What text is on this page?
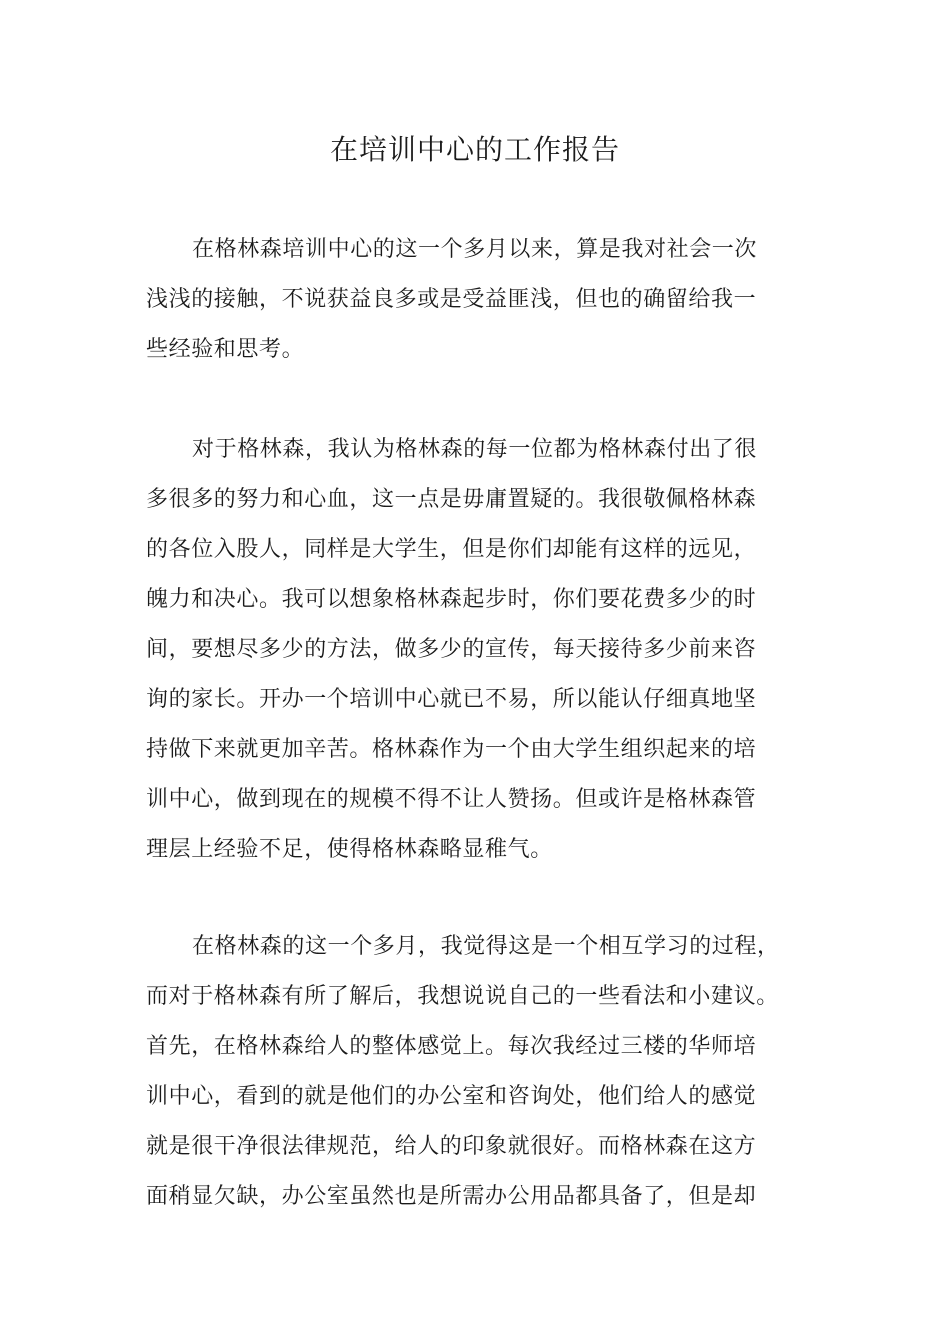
在培训中心的工作报告
在格林森培训中心的这一个多月以来，算是我对社会一次
浅浅的接触，不说获益良多或是受益匪浅，但也的确留给我一
些经验和思考。
对于格林森，我认为格林森的每一位都为格林森付出了很
多很多的努力和心血，这一点是毋庸置疑的。我很敬佩格林森
的各位入股人，同样是大学生，但是你们却能有这样的远见，
魄力和决心。我可以想象格林森起步时，你们要花费多少的时
间，要想尽多少的方法，做多少的宣传，每天接待多少前来咨
询的家长。开办一个培训中心就已不易，所以能认仔细真地坚
持做下来就更加辛苦。格林森作为一个由大学生组织起来的培
训中心，做到现在的规模不得不让人赞扬。但或许是格林森管
理层上经验不足，使得格林森略显稚气。
在格林森的这一个多月，我觉得这是一个相互学习的过程，
而对于格林森有所了解后，我想说说自己的一些看法和小建议。
首先，在格林森给人的整体感觉上。每次我经过三楼的华师培
训中心，看到的就是他们的办公室和咨询处，他们给人的感觉
就是很干净很法律规范，给人的印象就很好。而格林森在这方
面稍显欠缺，办公室虽然也是所需办公用品都具备了，但是却
